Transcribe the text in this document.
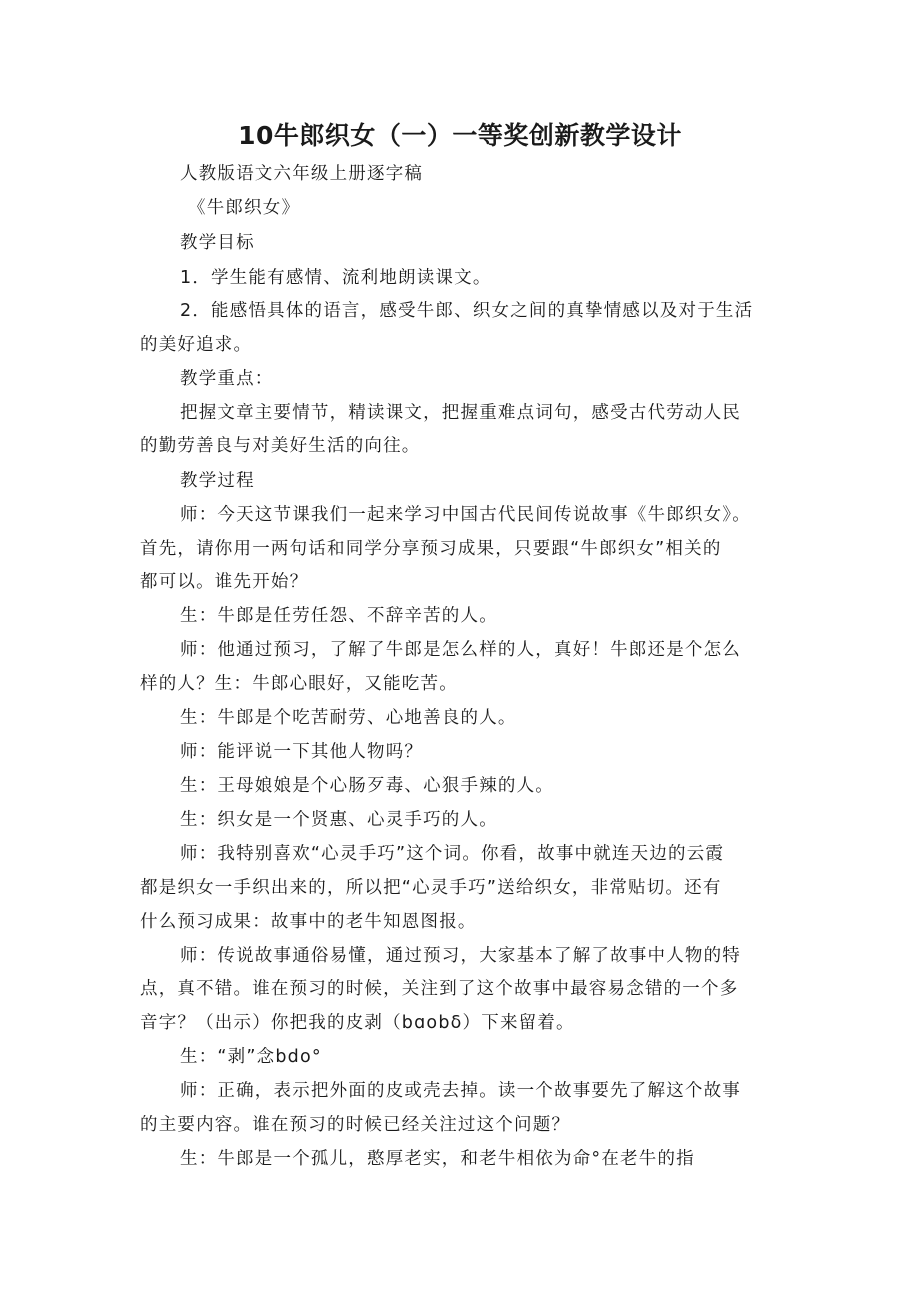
10牛郎织女（一）一等奖创新教学设计
人教版语文六年级上册逐字稿
《牛郎织女》
教学目标
1．学生能有感情、流利地朗读课文。
2．能感悟具体的语言，感受牛郎、织女之间的真挚情感以及对于生活
的美好追求。
教学重点：
把握文章主要情节，精读课文，把握重难点词句，感受古代劳动人民
的勤劳善良与对美好生活的向往。
教学过程
师：今天这节课我们一起来学习中国古代民间传说故事《牛郎织女》。
首先，请你用一两句话和同学分享预习成果，只要跟“牛郎织女”相关的
都可以。谁先开始？
生：牛郎是任劳任怨、不辞辛苦的人。
师：他通过预习，了解了牛郎是怎么样的人，真好！牛郎还是个怎么
样的人？生：牛郎心眼好，又能吃苦。
生：牛郎是个吃苦耐劳、心地善良的人。
师：能评说一下其他人物吗？
生：王母娘娘是个心肠歹毒、心狠手辣的人。
生：织女是一个贤惠、心灵手巧的人。
师：我特别喜欢“心灵手巧”这个词。你看，故事中就连天边的云霞
都是织女一手织出来的，所以把“心灵手巧”送给织女，非常贴切。还有
什么预习成果：故事中的老牛知恩图报。
师：传说故事通俗易懂，通过预习，大家基本了解了故事中人物的特
点，真不错。谁在预习的时候，关注到了这个故事中最容易念错的一个多
音字？（出示）你把我的皮剥（bɑobδ）下来留着。
生：“剥”念bdo°
师：正确，表示把外面的皮或壳去掉。读一个故事要先了解这个故事
的主要内容。谁在预习的时候已经关注过这个问题？
生：牛郎是一个孤儿，憨厚老实，和老牛相依为命°在老牛的指
